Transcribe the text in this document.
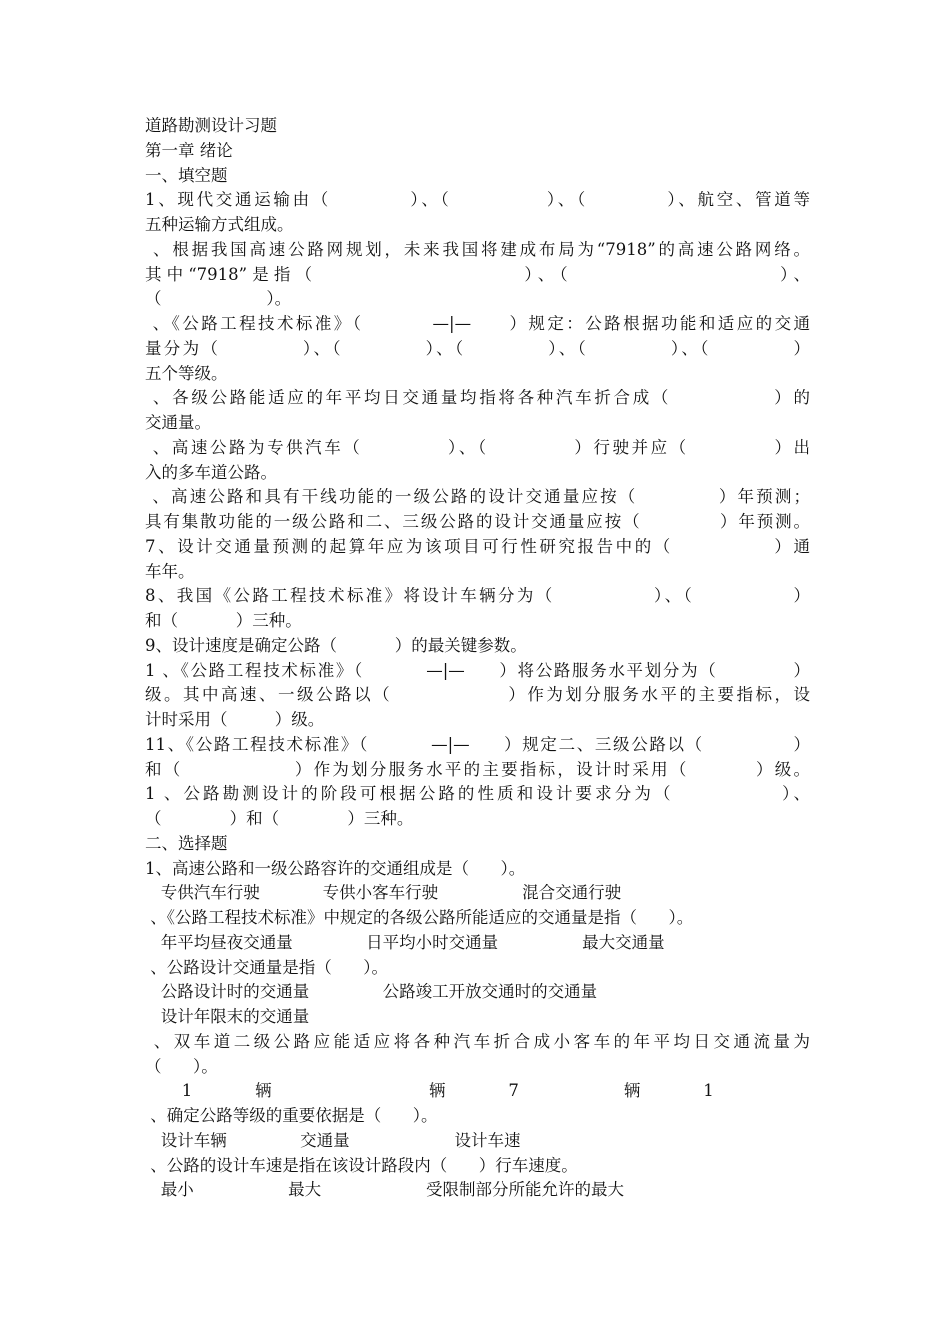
道路勘测设计习题
第一章 绪论
一、填空题
1、现代交通运输由（          ）、（            ）、（          ）、航空、管道等
五种运输方式组成。
、根据我国高速公路网规划，未来我国将建成布局为“7918”的高速公路网络。
其中“7918”是指（                    ）、（                    ）、
（                    ）。
、《公路工程技术标准》（         —|—     ）规定：公路根据功能和适应的交通
量分为（           ）、（           ）、（           ）、（           ）、（           ）
五个等级。
、各级公路能适应的年平均日交通量均指将各种汽车折合成（             ）的
交通量。
、高速公路为专供汽车（           ）、（           ）行驶并应（           ）出
入的多车道公路。
、高速公路和具有干线功能的一级公路的设计交通量应按（           ）年预测；
具有集散功能的一级公路和二、三级公路的设计交通量应按（           ）年预测。
7、设计交通量预测的起算年应为该项目可行性研究报告中的（             ）通
车年。
8、我国《公路工程技术标准》将设计车辆分为（             ）、（             ）
和（           ）三种。
9、设计速度是确定公路（           ）的最关键参数。
1 、《公路工程技术标准》（         —|—     ）将公路服务水平划分为（           ）
级。其中高速、一级公路以（               ）作为划分服务水平的主要指标，设
计时采用（         ）级。
11、《公路工程技术标准》（         —|—     ）规定二、三级公路以（             ）
和（               ）作为划分服务水平的主要指标，设计时采用（         ）级。
1 、公路勘测设计的阶段可根据公路的性质和设计要求分为（             ）、
（             ）和（             ）三种。
二、选择题
1、高速公路和一级公路容许的交通组成是（      ）。
专供汽车行驶            专供小客车行驶                混合交通行驶
、《公路工程技术标准》中规定的各级公路所能适应的交通量是指（      ）。
年平均昼夜交通量              日平均小时交通量                最大交通量
、公路设计交通量是指（      ）。
公路设计时的交通量              公路竣工开放交通时的交通量
设计年限末的交通量
、双车道二级公路应能适应将各种汽车折合成小客车的年平均日交通流量为
（      ）。
1            辆                              辆            7                    辆            1
、确定公路等级的重要依据是（      ）。
设计车辆              交通量                    设计车速
、公路的设计车速是指在该设计路段内（      ）行车速度。
最小                  最大                    受限制部分所能允许的最大
